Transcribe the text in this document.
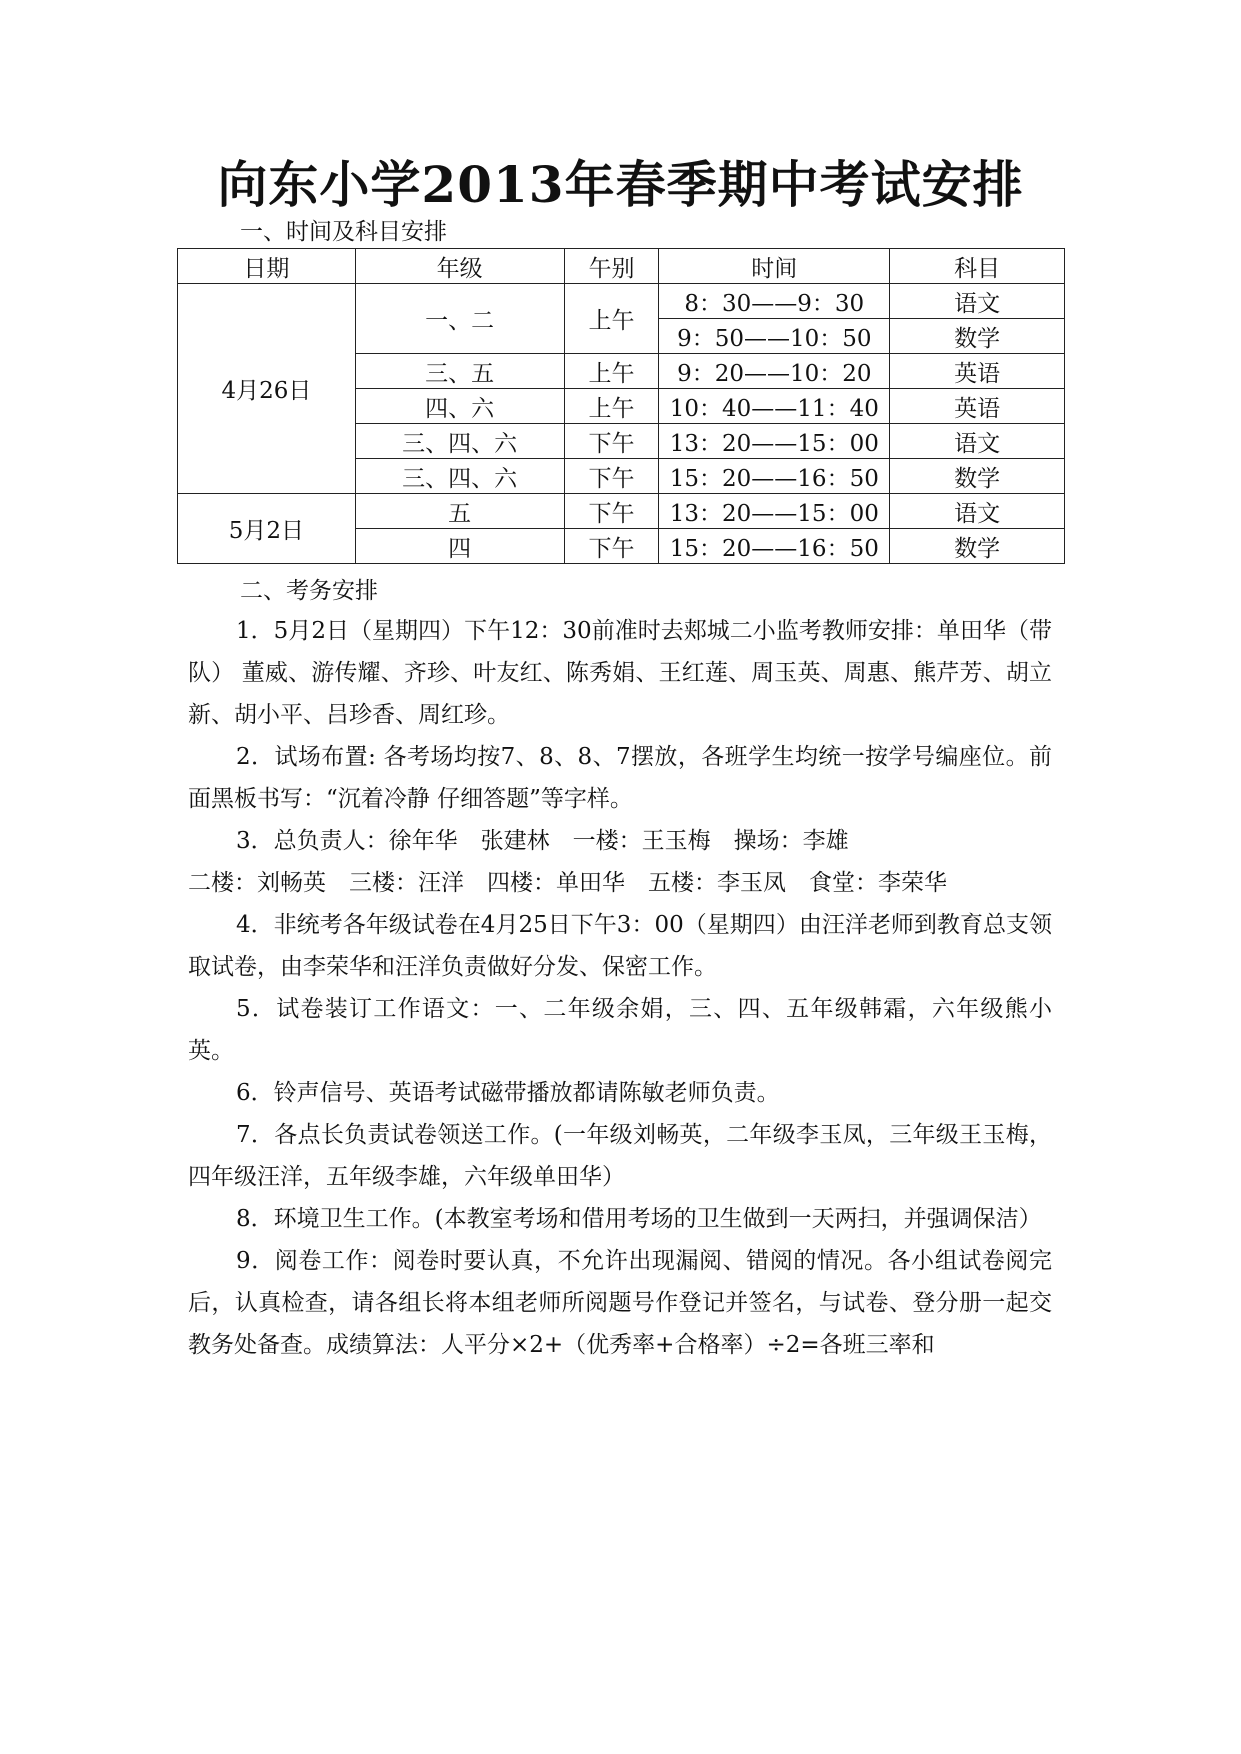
向东小学2013年春季期中考试安排
一、时间及科目安排
日期	年级	午别	时间	科目
4月26日	一、二	上午	8：30——9：30	语文
			9：50——10：50	数学
	三、五	上午	9：20——10：20	英语
	四、六	上午	10：40——11：40	英语
	三、四、六	下午	13：20——15：00	语文
	三、四、六	下午	15：20——16：50	数学
5月2日	五	下午	13：20——15：00	语文
	四	下午	15：20——16：50	数学
二、考务安排

1．5月2日（星期四）下午12：30前准时去郏城二小监考教师安排：单田华（带队） 董威、游传耀、齐珍、叶友红、陈秀娟、王红莲、周玉英、周惠、熊芹芳、胡立新、胡小平、吕珍香、周红珍。

2．试场布置: 各考场均按7、8、8、7摆放，各班学生均统一按学号编座位。前面黑板书写：“沉着冷静 仔细答题”等字样。

3．总负责人：徐年华　张建林　一楼：王玉梅　操场：李雄

二楼：刘畅英　三楼：汪洋　四楼：单田华　五楼：李玉凤　食堂：李荣华

4．非统考各年级试卷在4月25日下午3：00（星期四）由汪洋老师到教育总支领取试卷，由李荣华和汪洋负责做好分发、保密工作。

5．试卷装订工作语文：一、二年级余娟，三、四、五年级韩霜，六年级熊小英。

6．铃声信号、英语考试磁带播放都请陈敏老师负责。

7．各点长负责试卷领送工作。(一年级刘畅英，二年级李玉凤，三年级王玉梅，四年级汪洋，五年级李雄，六年级单田华）

8．环境卫生工作。(本教室考场和借用考场的卫生做到一天两扫，并强调保洁）

9．阅卷工作：阅卷时要认真，不允许出现漏阅、错阅的情况。各小组试卷阅完后，认真检查，请各组长将本组老师所阅题号作登记并签名，与试卷、登分册一起交教务处备查。成绩算法：人平分×2+（优秀率+合格率）÷2=各班三率和
